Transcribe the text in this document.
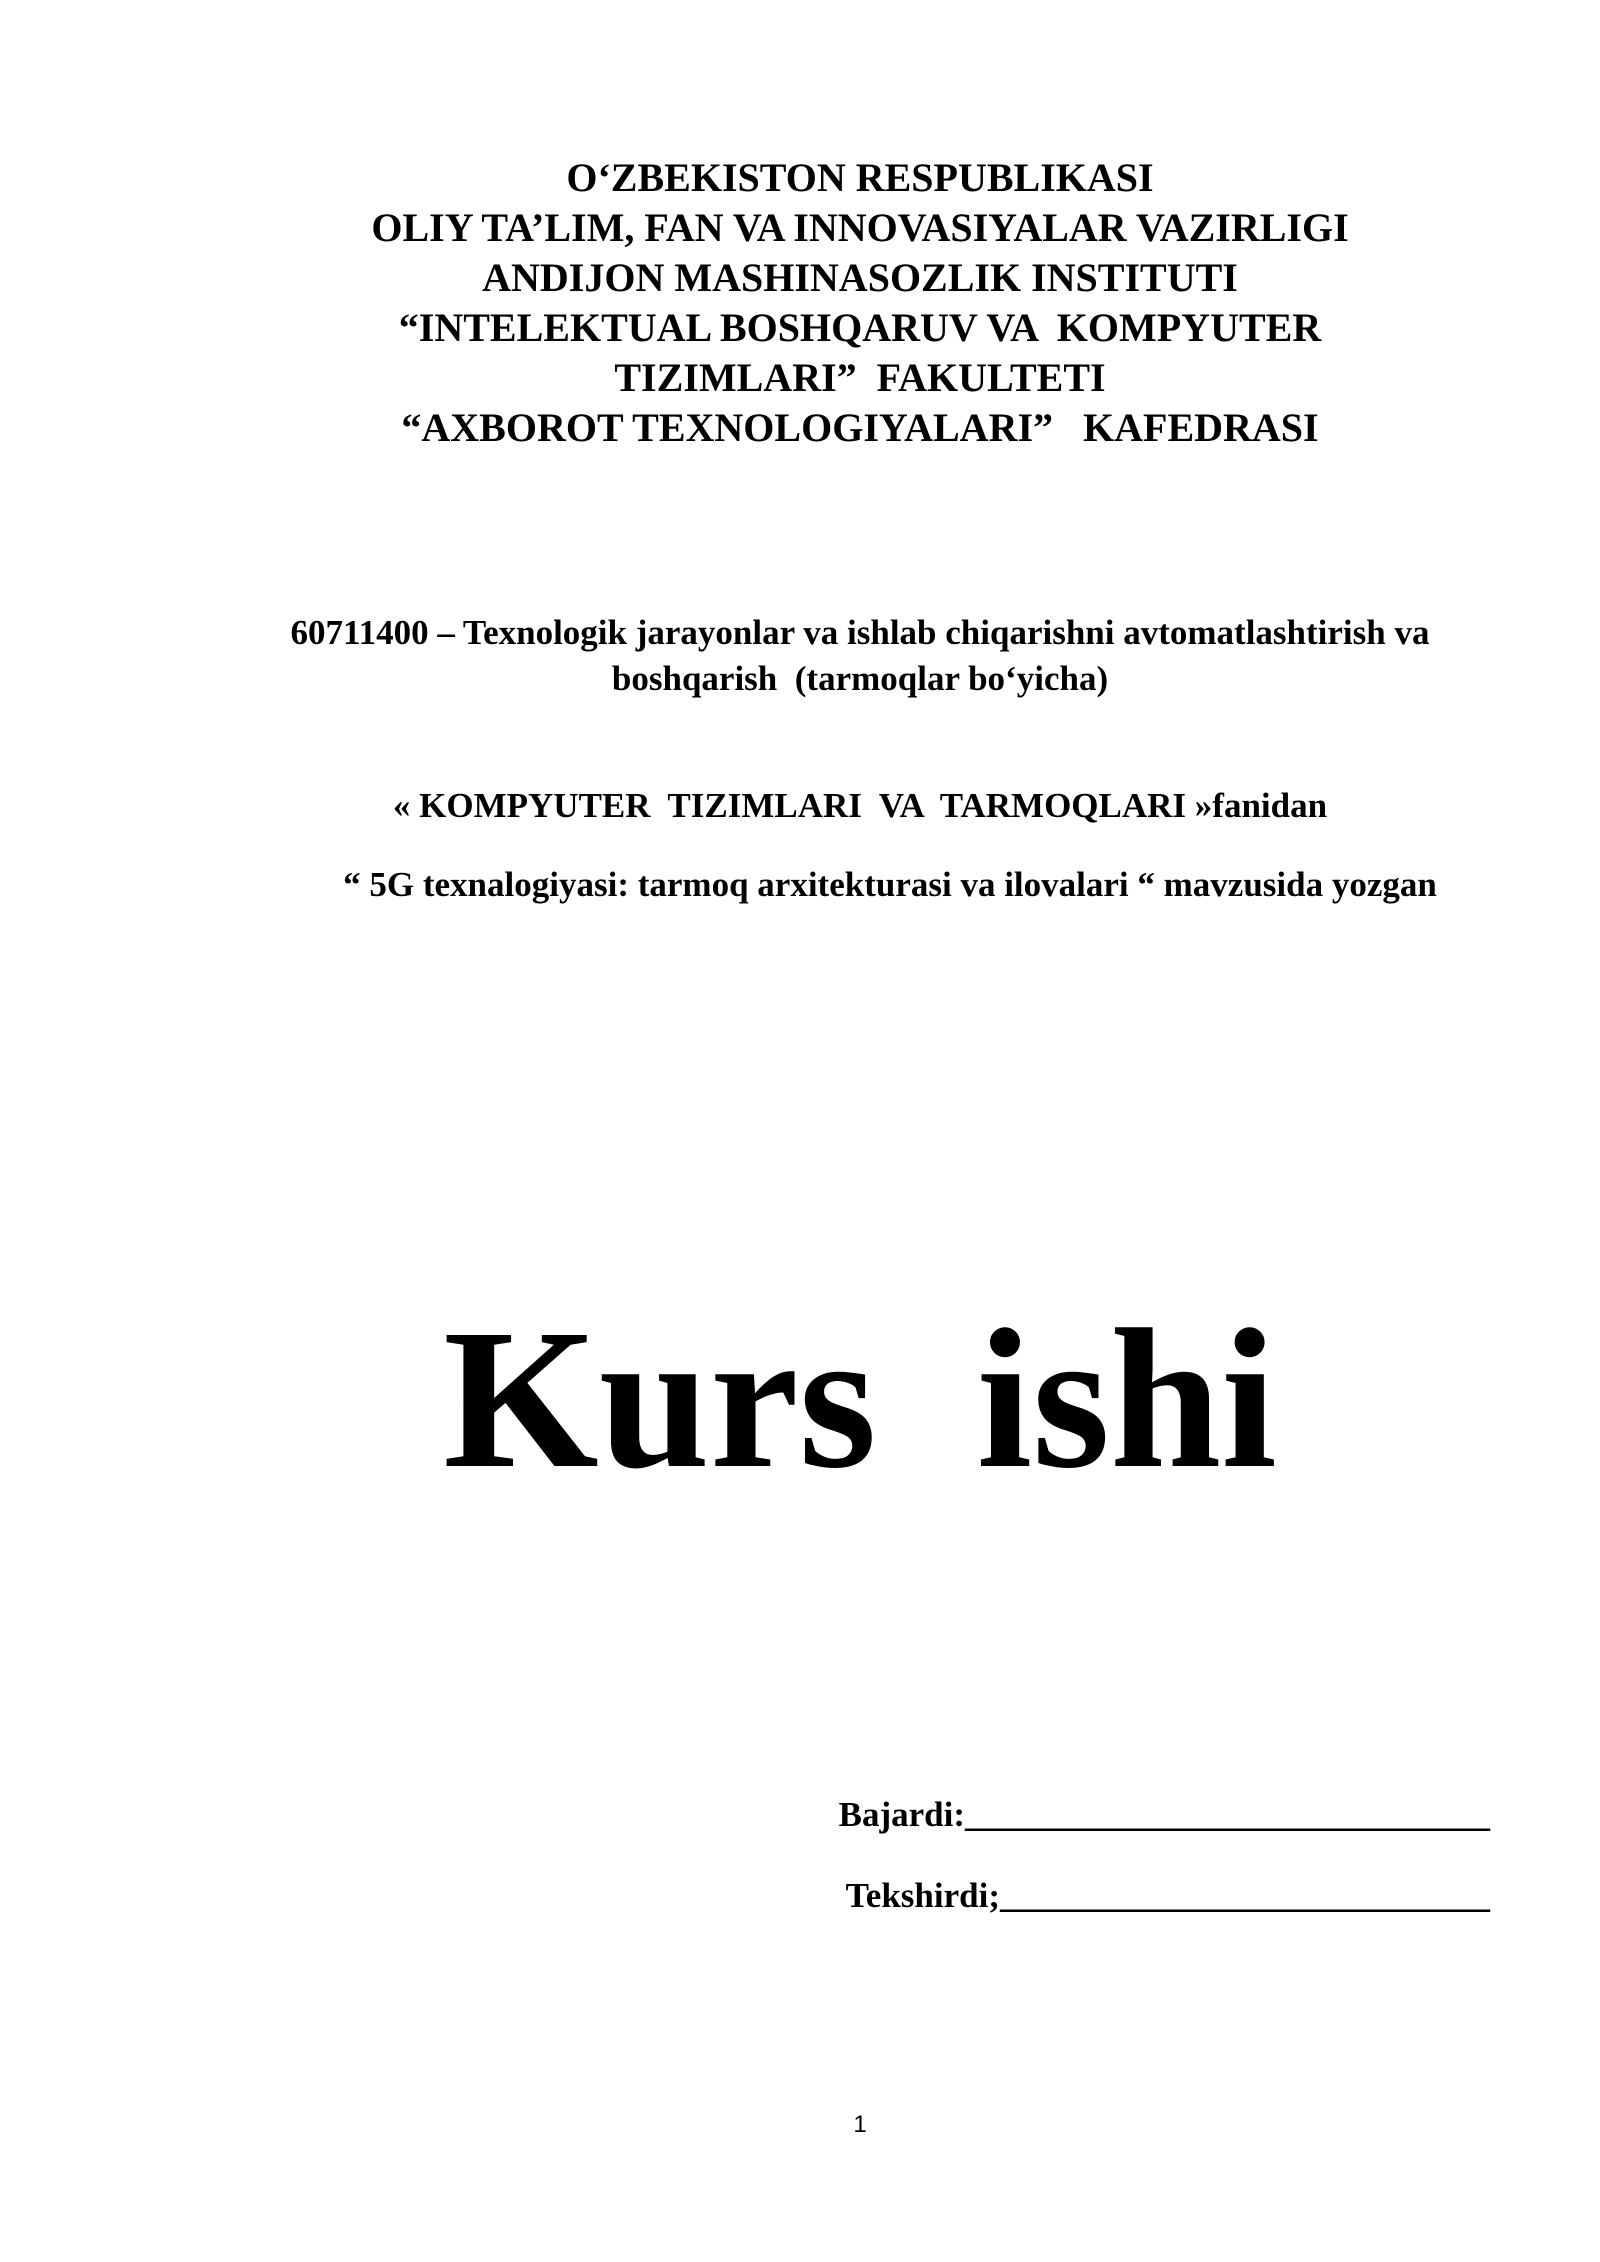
O‘ZBEKISTON RESPUBLIKASI
OLIY TA’LIM, FAN VA INNOVASIYALAR VAZIRLIGI
ANDIJON MASHINASOZLIK INSTITUTI
“INTELEKTUAL BOSHQARUV VA  KOMPYUTER
TIZIMLARI”  FAKULTETI
“AXBOROT TEXNOLOGIYALARI”   KAFEDRASI
60711400 – Texnologik jarayonlar va ishlab chiqarishni avtomatlashtirish va
boshqarish  (tarmoqlar bo‘yicha)
« KOMPYUTER  TIZIMLARI  VA  TARMOQLARI »fanidan
“ 5G texnalogiyasi: tarmoq arxitekturasi va ilovalari “ mavzusida yozgan
Kurs  ishi
Bajardi:______________________________
Tekshirdi;____________________________
1
